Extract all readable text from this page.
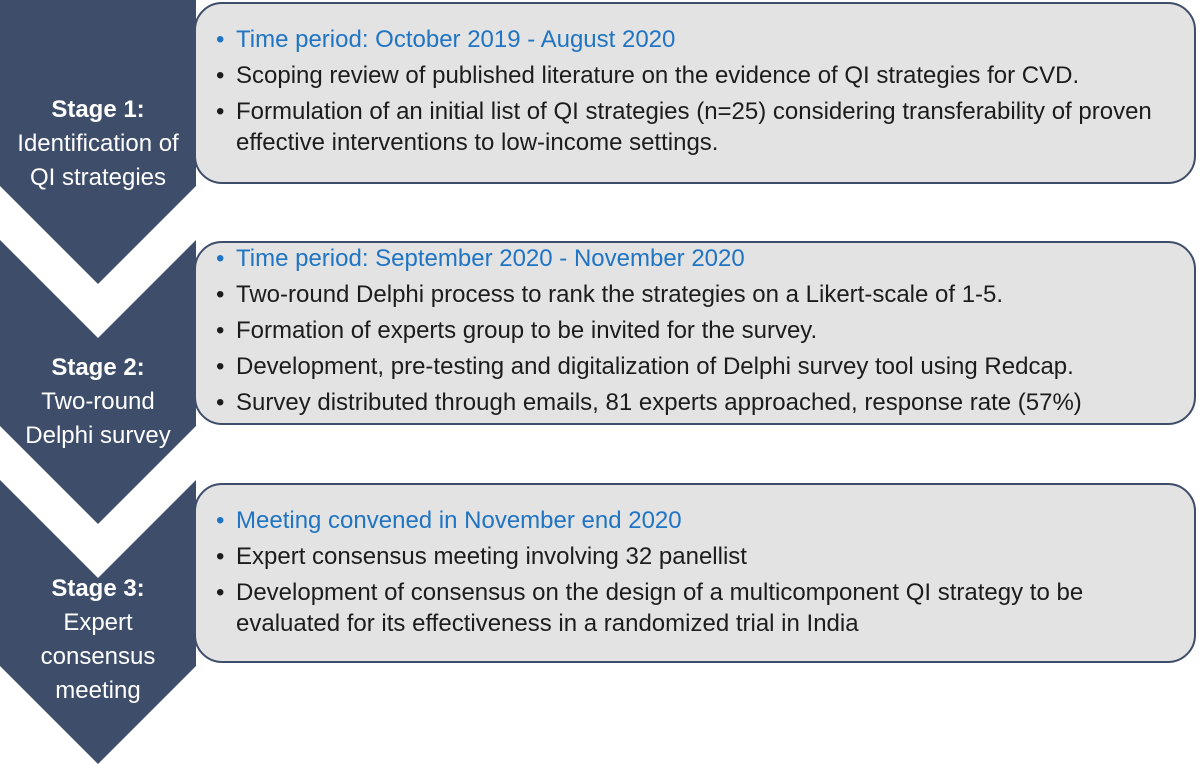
Stage 1:
Identification of
QI strategies
• Time period: October 2019 - August 2020
• Scoping review of published literature on the evidence of QI strategies for CVD.
• Formulation of an initial list of QI strategies (n=25) considering transferability of proven effective interventions to low-income settings.
Stage 2:
Two-round
Delphi survey
• Time period: September 2020 - November 2020
• Two-round Delphi process to rank the strategies on a Likert-scale of 1-5.
• Formation of experts group to be invited for the survey.
• Development, pre-testing and digitalization of Delphi survey tool using Redcap.
• Survey distributed through emails, 81 experts approached, response rate (57%)
Stage 3:
Expert
consensus
meeting
• Meeting convened in November end 2020
• Expert consensus meeting involving 32 panellist
• Development of consensus on the design of a multicomponent QI strategy to be evaluated for its effectiveness in a randomized trial in India
